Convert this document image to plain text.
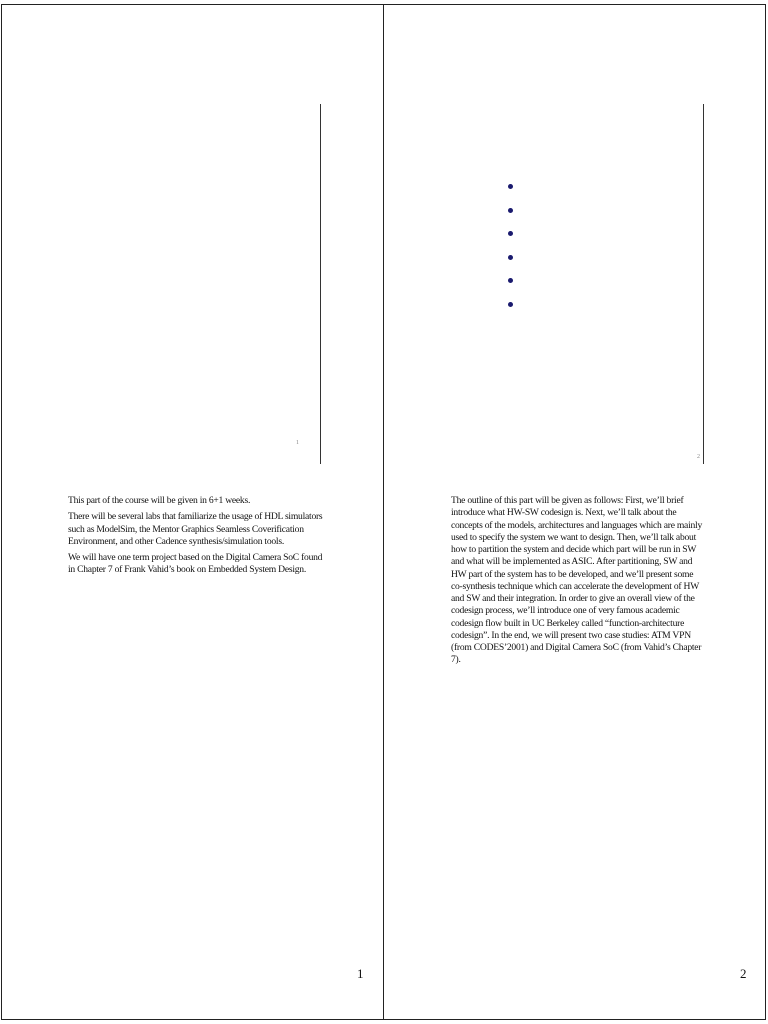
1

This part of the course will be given in 6+1 weeks.

There will be several labs that familiarize the usage of HDL simulators such as ModelSim, the Mentor Graphics Seamless Coverification Environment, and other Cadence synthesis/simulation tools.

We will have one term project based on the Digital Camera SoC found in Chapter 7 of Frank Vahid’s book on Embedded System Design.

1
2

The outline of this part will be given as follows: First, we’ll brief introduce what HW-SW codesign is. Next, we’ll talk about the concepts of the models, architectures and languages which are mainly used to specify the system we want to design. Then, we’ll talk about how to partition the system and decide which part will be run in SW and what will be implemented as ASIC. After partitioning, SW and HW part of the system has to be developed, and we’ll present some co-synthesis technique which can accelerate the development of HW and SW and their integration. In order to give an overall view of the codesign process, we’ll introduce one of very famous academic codesign flow built in UC Berkeley called “function-architecture codesign”. In the end, we will present two case studies: ATM VPN (from CODES’2001) and Digital Camera SoC (from Vahid’s Chapter 7).

2
